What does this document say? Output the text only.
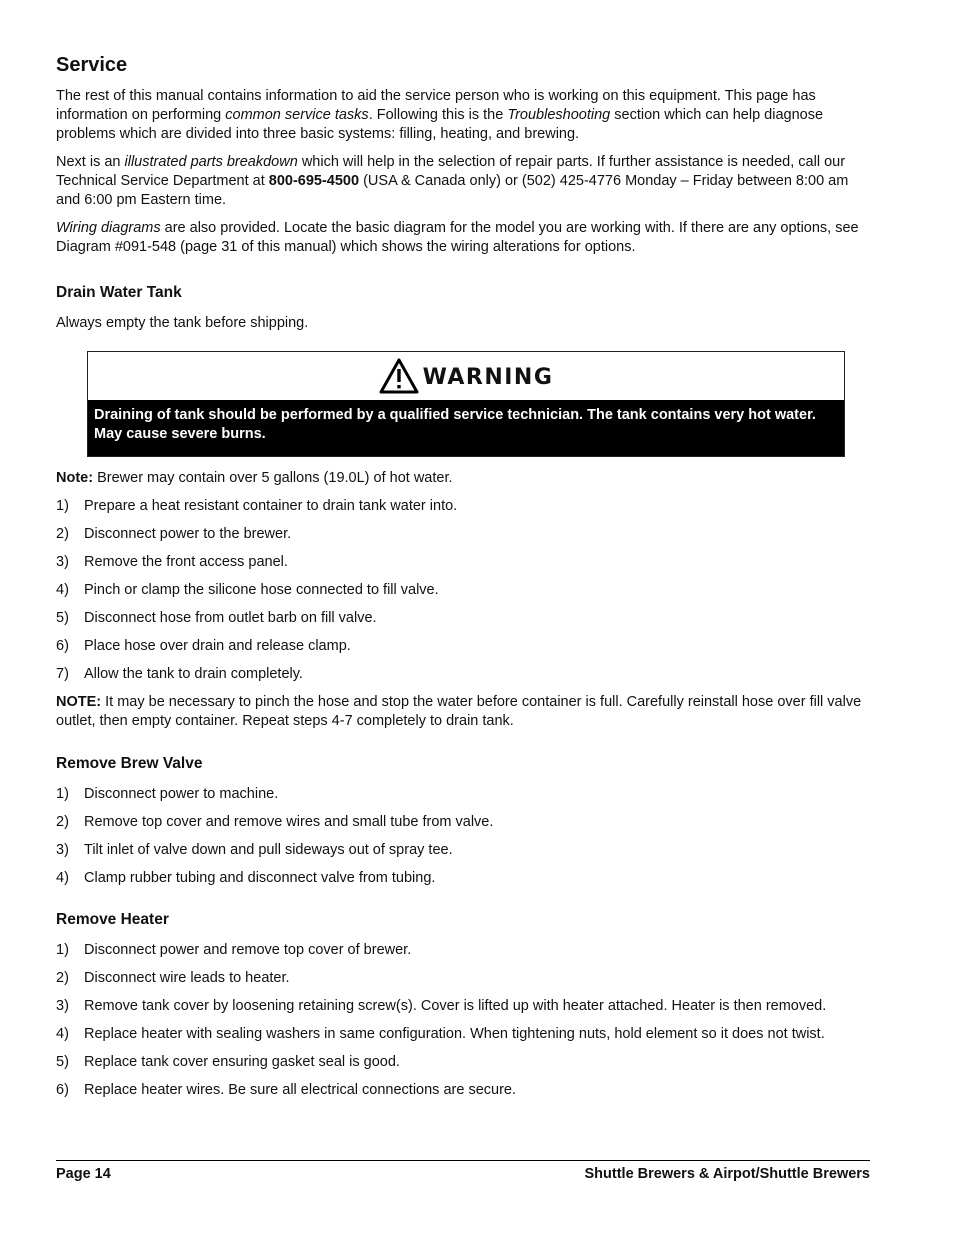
Service

The rest of this manual contains information to aid the service person who is working on this equipment. This page has information on performing common service tasks. Following this is the Troubleshooting section which can help diagnose problems which are divided into three basic systems: filling, heating, and brewing.

Next is an illustrated parts breakdown which will help in the selection of repair parts. If further assistance is needed, call our Technical Service Department at 800-695-4500 (USA & Canada only) or (502) 425-4776 Monday – Friday between 8:00 am and 6:00 pm Eastern time.

Wiring diagrams are also provided. Locate the basic diagram for the model you are working with. If there are any options, see Diagram #091-548 (page 31 of this manual) which shows the wiring alterations for options.

Drain Water Tank

Always empty the tank before shipping.

WARNING
Draining of tank should be performed by a qualified service technician. The tank contains very hot water. May cause severe burns.

Note: Brewer may contain over 5 gallons (19.0L) of hot water.

1)	Prepare a heat resistant container to drain tank water into.
2)	Disconnect power to the brewer.
3)	Remove the front access panel.
4)	Pinch or clamp the silicone hose connected to fill valve.
5)	Disconnect hose from outlet barb on fill valve.
6)	Place hose over drain and release clamp.
7)	Allow the tank to drain completely.

NOTE: It may be necessary to pinch the hose and stop the water before container is full. Carefully reinstall hose over fill valve outlet, then empty container. Repeat steps 4-7 completely to drain tank.

Remove Brew Valve
1)	Disconnect power to machine.
2)	Remove top cover and remove wires and small tube from valve.
3)	Tilt inlet of valve down and pull sideways out of spray tee.
4)	Clamp rubber tubing and disconnect valve from tubing.
Remove Heater
1)	Disconnect power and remove top cover of brewer.
2)	Disconnect wire leads to heater.
3)	Remove tank cover by loosening retaining screw(s). Cover is lifted up with heater attached. Heater is then removed.
4)	Replace heater with sealing washers in same configuration. When tightening nuts, hold element so it does not twist.
5)	Replace tank cover ensuring gasket seal is good.
6)	Replace heater wires. Be sure all electrical connections are secure.
Page 14	Shuttle Brewers & Airpot/Shuttle Brewers
